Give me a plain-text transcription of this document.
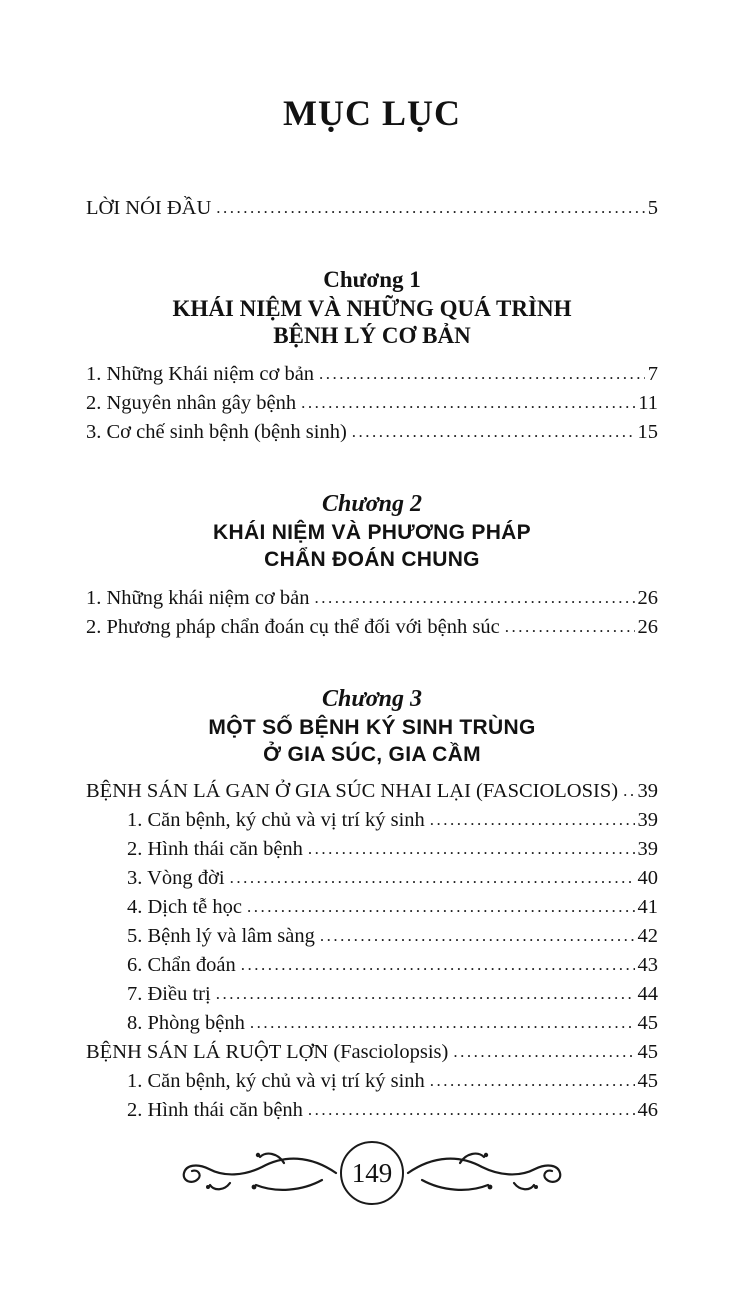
MỤC LỤC
LỜI NÓI ĐẦU .....	5
Chương 1
KHÁI NIỆM VÀ NHỮNG QUÁ TRÌNH
BỆNH LÝ CƠ BẢN
1. Những Khái niệm cơ bản .....	7
2. Nguyên nhân gây bệnh .....	11
3. Cơ chế sinh bệnh (bệnh sinh) .....	15
Chương 2
KHÁI NIỆM VÀ PHƯƠNG PHÁP
CHẨN ĐOÁN CHUNG
1. Những khái niệm cơ bản .....	26
2. Phương pháp chẩn đoán cụ thể đối với bệnh súc .....	26
Chương 3
MỘT SỐ BỆNH KÝ SINH TRÙNG
Ở GIA SÚC, GIA CẦM
BỆNH SÁN LÁ GAN Ở GIA SÚC NHAI LẠI (FASCIOLOSIS) ..... 39
1. Căn bệnh, ký chủ và vị trí ký sinh .....	39
2. Hình thái căn bệnh .....	39
3. Vòng đời .....	40
4. Dịch tễ học .....	41
5. Bệnh lý và lâm sàng .....	42
6. Chẩn đoán .....	43
7. Điều trị .....	44
8. Phòng bệnh .....	45
BỆNH SÁN LÁ RUỘT LỢN (Fasciolopsis) .....	45
1. Căn bệnh, ký chủ và vị trí ký sinh .....	45
2. Hình thái căn bệnh .....	46
149
